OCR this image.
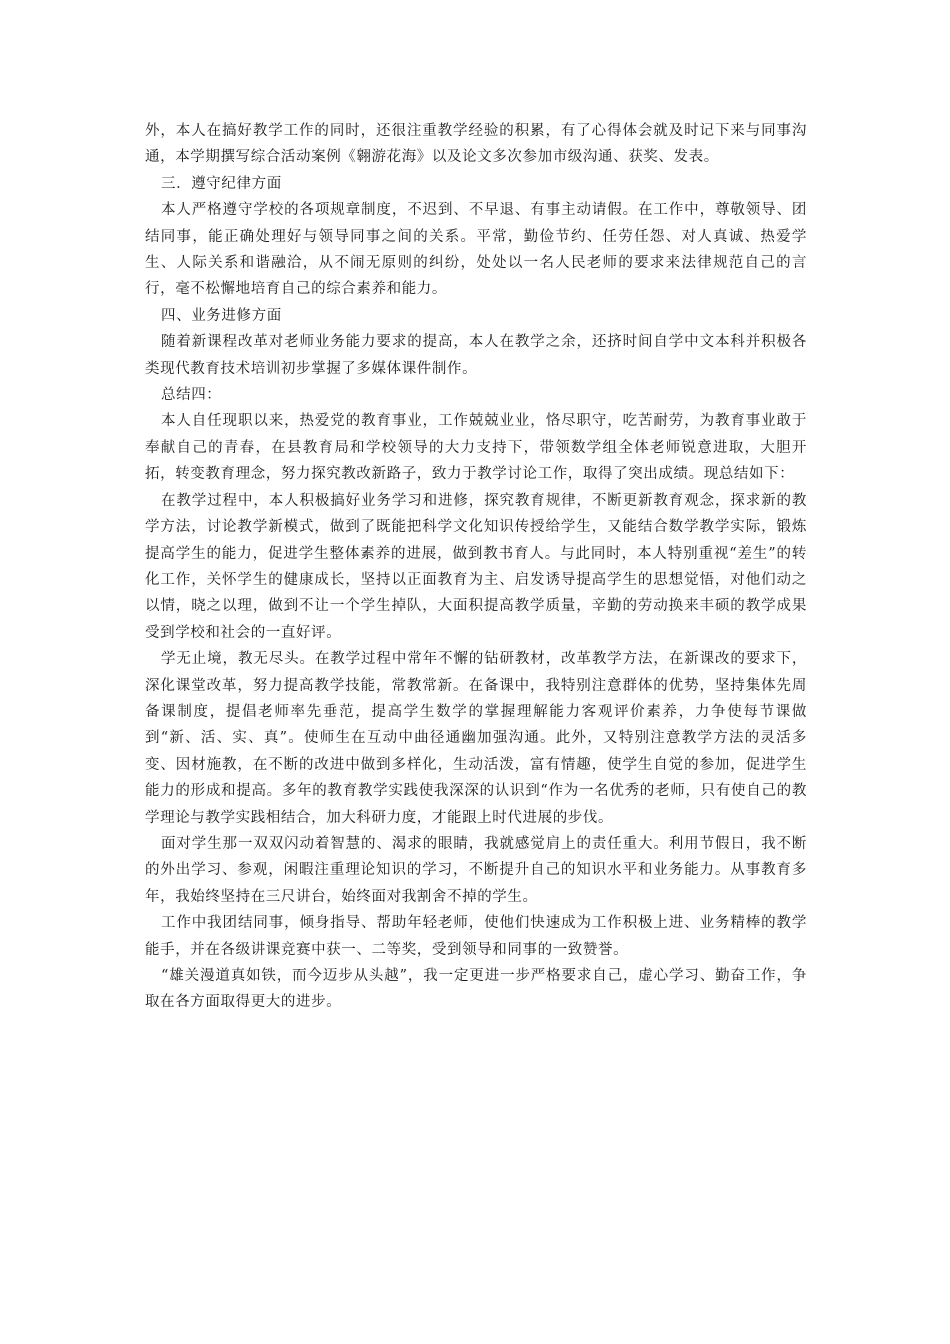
外，本人在搞好教学工作的同时，还很注重教学经验的积累，有了心得体会就及时记下来与同事沟通，本学期撰写综合活动案例《翱游花海》以及论文多次参加市级沟通、获奖、发表。

三．遵守纪律方面

本人严格遵守学校的各项规章制度，不迟到、不早退、有事主动请假。在工作中，尊敬领导、团结同事，能正确处理好与领导同事之间的关系。平常，勤俭节约、任劳任怨、对人真诚、热爱学生、人际关系和谐融洽，从不闹无原则的纠纷，处处以一名人民老师的要求来法律规范自己的言行，毫不松懈地培育自己的综合素养和能力。

四、业务进修方面

随着新课程改革对老师业务能力要求的提高，本人在教学之余，还挤时间自学中文本科并积极各类现代教育技术培训初步掌握了多媒体课件制作。

总结四：

本人自任现职以来，热爱党的教育事业，工作兢兢业业，恪尽职守，吃苦耐劳，为教育事业敢于奉献自己的青春，在县教育局和学校领导的大力支持下，带领数学组全体老师锐意进取，大胆开拓，转变教育理念，努力探究教改新路子，致力于教学讨论工作，取得了突出成绩。现总结如下：

在教学过程中，本人积极搞好业务学习和进修，探究教育规律，不断更新教育观念，探求新的教学方法，讨论教学新模式，做到了既能把科学文化知识传授给学生，又能结合数学教学实际，锻炼提高学生的能力，促进学生整体素养的进展，做到教书育人。与此同时，本人特别重视“差生”的转化工作，关怀学生的健康成长，坚持以正面教育为主、启发诱导提高学生的思想觉悟，对他们动之以情，晓之以理，做到不让一个学生掉队，大面积提高教学质量，辛勤的劳动换来丰硕的教学成果受到学校和社会的一直好评。

学无止境，教无尽头。在教学过程中常年不懈的钻研教材，改革教学方法，在新课改的要求下，深化课堂改革，努力提高教学技能，常教常新。在备课中，我特别注意群体的优势，坚持集体先周备课制度，提倡老师率先垂范，提高学生数学的掌握理解能力客观评价素养，力争使每节课做到“新、活、实、真”。使师生在互动中曲径通幽加强沟通。此外，又特别注意教学方法的灵活多变、因材施教，在不断的改进中做到多样化，生动活泼，富有情趣，使学生自觉的参加，促进学生能力的形成和提高。多年的教育教学实践使我深深的认识到“作为一名优秀的老师，只有使自己的教学理论与教学实践相结合，加大科研力度，才能跟上时代进展的步伐。

面对学生那一双双闪动着智慧的、渴求的眼睛，我就感觉肩上的责任重大。利用节假日，我不断的外出学习、参观，闲暇注重理论知识的学习，不断提升自己的知识水平和业务能力。从事教育多年，我始终坚持在三尺讲台，始终面对我割舍不掉的学生。

工作中我团结同事，倾身指导、帮助年轻老师，使他们快速成为工作积极上进、业务精棒的教学能手，并在各级讲课竞赛中获一、二等奖，受到领导和同事的一致赞誉。

“雄关漫道真如铁，而今迈步从头越”，我一定更进一步严格要求自己，虚心学习、勤奋工作，争取在各方面取得更大的进步。
